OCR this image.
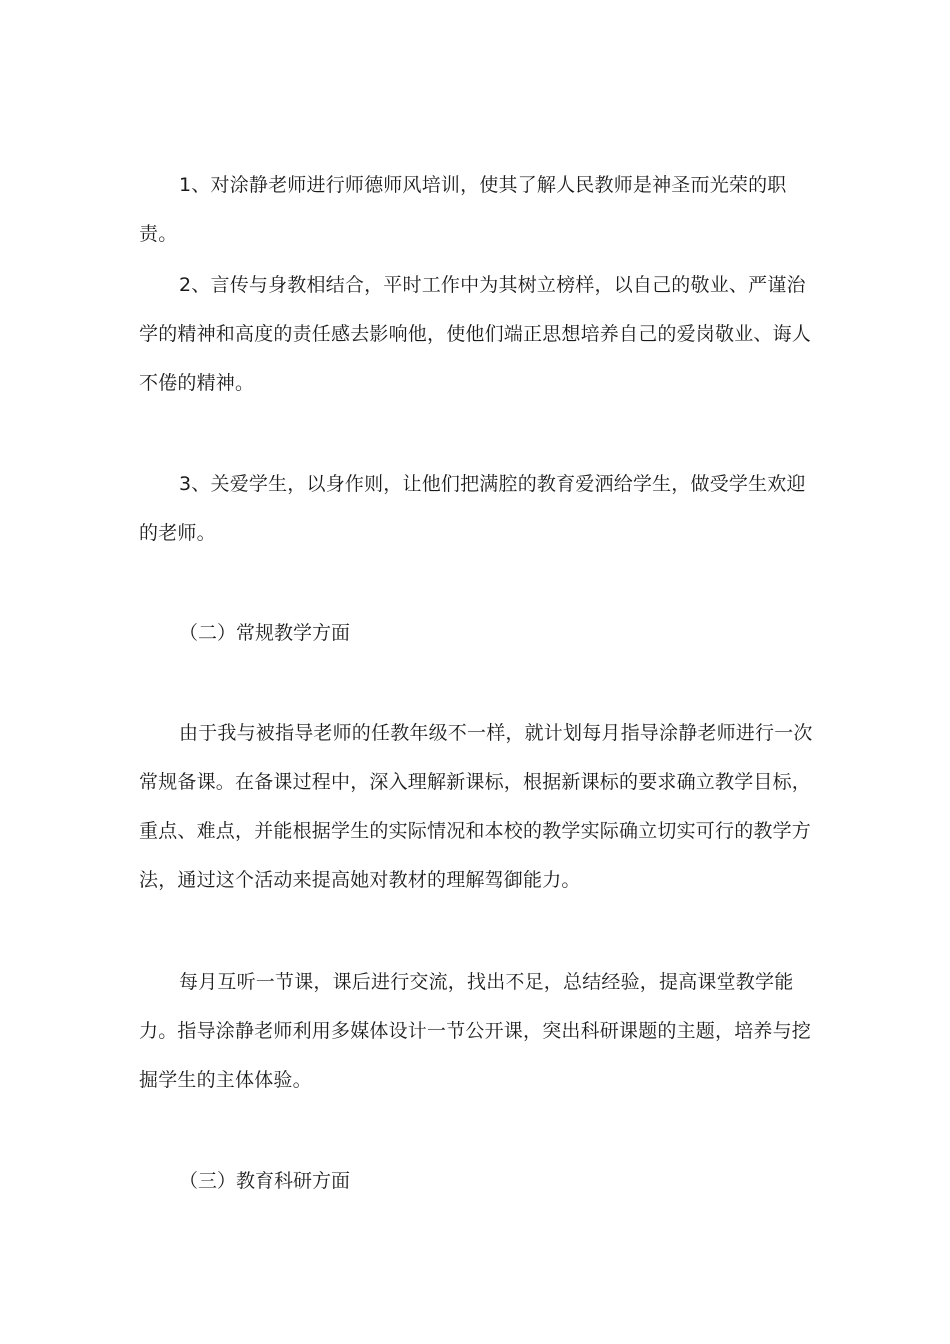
1、对涂静老师进行师德师风培训，使其了解人民教师是神圣而光荣的职责。

2、言传与身教相结合，平时工作中为其树立榜样，以自己的敬业、严谨治学的精神和高度的责任感去影响他，使他们端正思想培养自己的爱岗敬业、诲人不倦的精神。

3、关爱学生，以身作则，让他们把满腔的教育爱洒给学生，做受学生欢迎的老师。

（二）常规教学方面

由于我与被指导老师的任教年级不一样，就计划每月指导涂静老师进行一次常规备课。在备课过程中，深入理解新课标，根据新课标的要求确立教学目标，重点、难点，并能根据学生的实际情况和本校的教学实际确立切实可行的教学方法，通过这个活动来提高她对教材的理解驾御能力。

每月互听一节课，课后进行交流，找出不足，总结经验，提高课堂教学能力。指导涂静老师利用多媒体设计一节公开课，突出科研课题的主题，培养与挖掘学生的主体体验。

（三）教育科研方面
